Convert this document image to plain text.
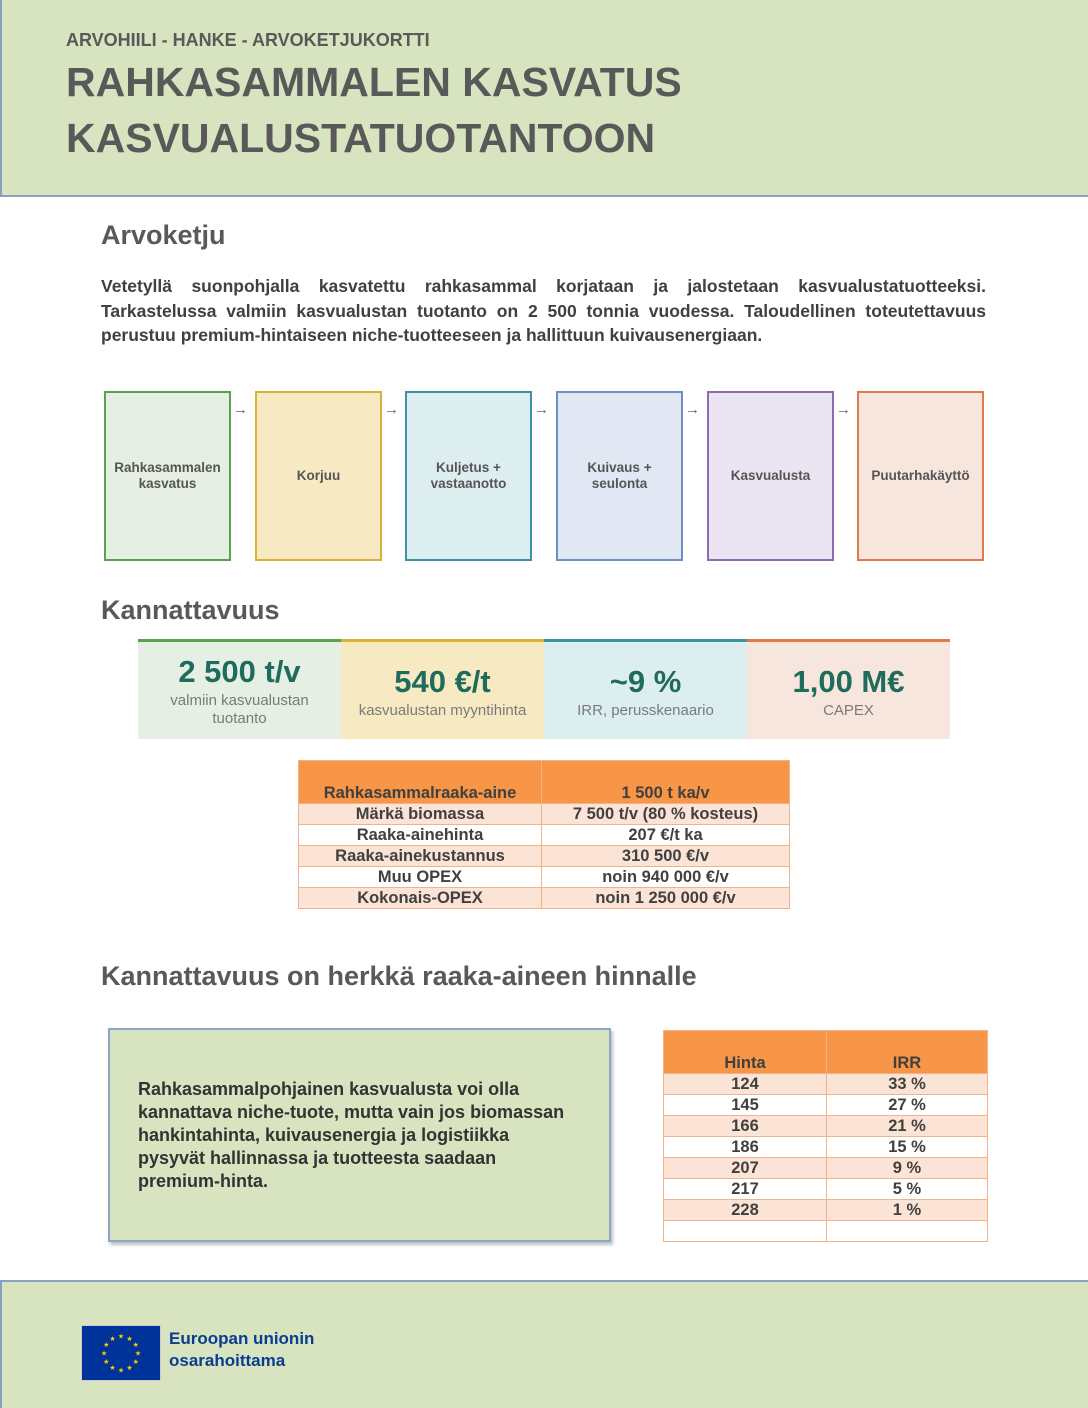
ARVOHIILI - HANKE - ARVOKETJUKORTTI
RAHKASAMMALEN KASVATUS
KASVUALUSTATUOTANTOON
Arvoketju
Vetetyllä suonpohjalla kasvatettu rahkasammal korjataan ja jalostetaan kasvualustatuotteeksi. Tarkastelussa valmiin kasvualustan tuotanto on 2 500 tonnia vuodessa. Taloudellinen toteutettavuus perustuu premium-hintaiseen niche-tuotteeseen ja hallittuun kuivausenergiaan.
Rahkasammalen kasvatus
→
Korjuu
→
Kuljetus + vastaanotto
→
Kuivaus + seulonta
→
Kasvualusta
→
Puutarhakäyttö
Kannattavuus
2 500 t/v
valmiin kasvualustan tuotanto
540 €/t
kasvualustan myyntihinta
~9 %
IRR, perusskenaario
1,00 M€
CAPEX
Rahkasammalraaka-aine	1 500 t ka/v
Märkä biomassa	7 500 t/v (80 % kosteus)
Raaka-ainehinta	207 €/t ka
Raaka-ainekustannus	310 500 €/v
Muu OPEX	noin 940 000 €/v
Kokonais-OPEX	noin 1 250 000 €/v
Kannattavuus on herkkä raaka-aineen hinnalle
Rahkasammalpohjainen kasvualusta voi olla kannattava niche-tuote, mutta vain jos biomassan hankintahinta, kuivausenergia ja logistiikka pysyvät hallinnassa ja tuotteesta saadaan premium-hinta.
Hinta	IRR
124	33 %
145	27 %
166	21 %
186	15 %
207	9 %
217	5 %
228	1 %

★ ★
★
★
★
★
★
★
★
★
★
★	Euroopan unionin
osarahoittama
